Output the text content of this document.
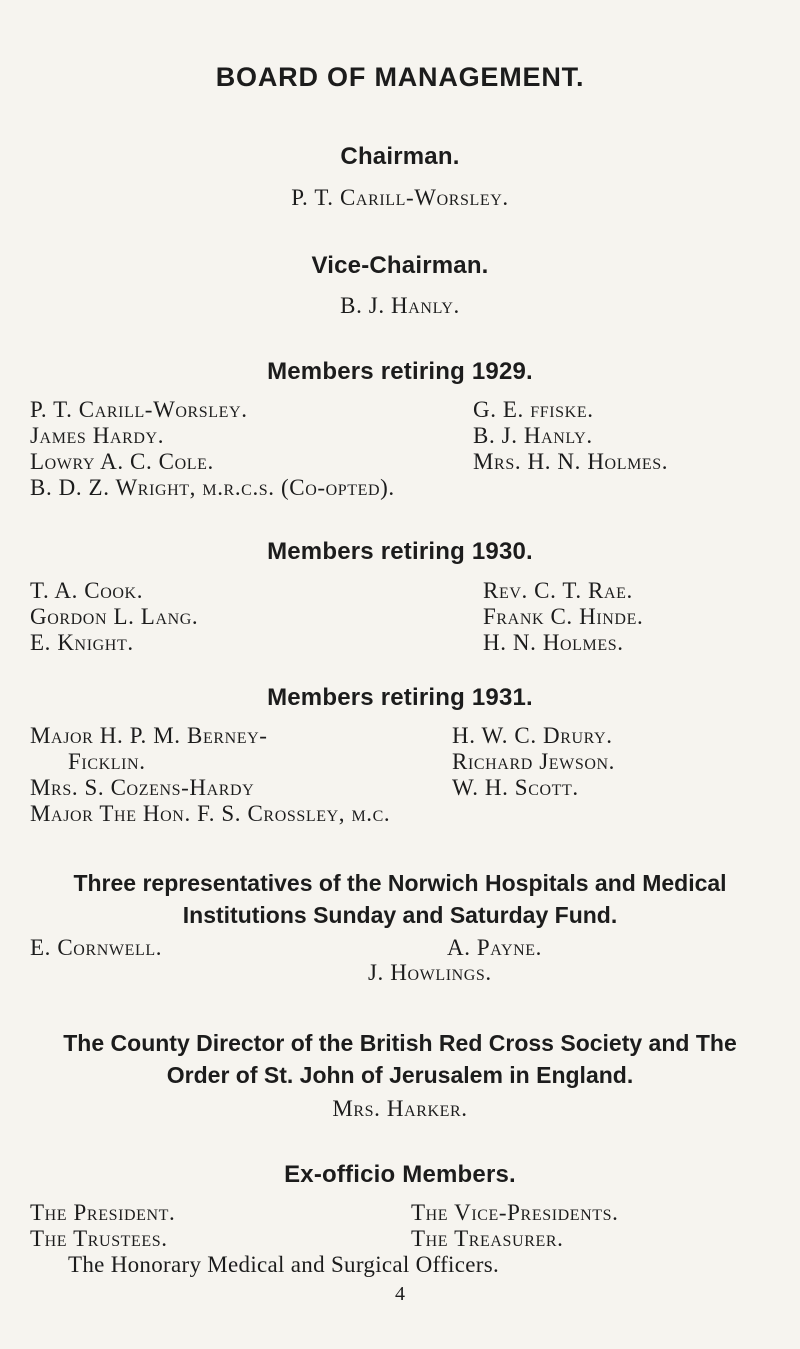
BOARD OF MANAGEMENT.
Chairman.
P. T. Carill-Worsley.
Vice-Chairman.
B. J. Hanly.
Members retiring 1929.
P. T. Carill-Worsley.
James Hardy.
Lowry A. C. Cole.
G. E. ffiske.
B. J. Hanly.
Mrs. H. N. Holmes.
B. D. Z. Wright, m.r.c.s. (Co-opted).
Members retiring 1930.
T. A. Cook.
Gordon L. Lang.
E. Knight.
Rev. C. T. Rae.
Frank C. Hinde.
H. N. Holmes.
Members retiring 1931.
Major H. P. M. Berney-
Ficklin.
Mrs. S. Cozens-Hardy
H. W. C. Drury.
Richard Jewson.
W. H. Scott.
Major The Hon. F. S. Crossley, m.c.
Three representatives of the Norwich Hospitals and Medical Institutions Sunday and Saturday Fund.
E. Cornwell.	A. Payne.
J. Howlings.
The County Director of the British Red Cross Society and The Order of St. John of Jerusalem in England.
Mrs. Harker.
Ex-officio Members.
The President.
The Trustees.
The Vice-Presidents.
The Treasurer.
The Honorary Medical and Surgical Officers.
4
